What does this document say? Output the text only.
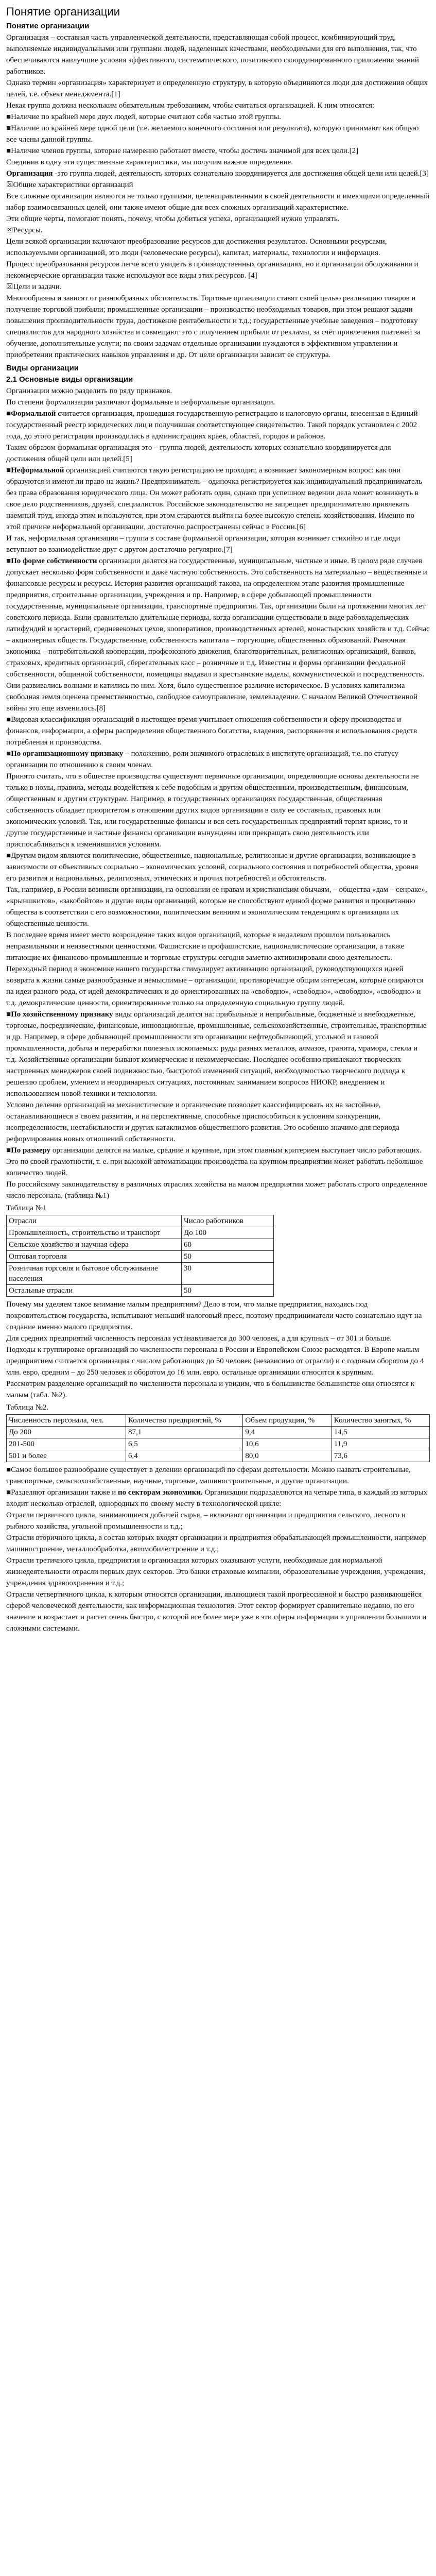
Понятие организации
Понятие организации

Организация – составная часть управленческой деятельности, представляющая собой процесс, комбинирующий труд, выполняемые индивидуальными или группами людей, наделенных качествами, необходимыми для его выполнения, так, что обеспечиваются наилучшие условия эффективного, систематического, позитивного скоординированного приложения знаний работников.

Однако термин «организация» характеризует и определенную структуру, в которую объединяются люди для достижения общих целей, т.е. объект менеджмента.[1]

Некая группа должна нескольким обязательным требованиям, чтобы считаться организацией. К ним относятся:

■ Наличие по крайней мере двух людей, которые считают себя частью этой группы.

■ Наличие по крайней мере одной цели (т.е. желаемого конечного состояния или результата), которую принимают как общую все члены данной группы.

■ Наличие членов группы, которые намеренно работают вместе, чтобы достичь значимой для всех цели.[2]

Соединив в одну эти существенные характеристики, мы получим важное определение.

Организация -это группа людей, деятельность которых сознательно координируется для достижения общей цели или целей.[3]

☒ Общие характеристики организаций

Все сложные организации являются не только группами, целенаправленными в своей деятельности и имеющими определенный набор взаимосвязанных целей, они также имеют общие для всех сложных организаций характеристике.

Эти общие черты, помогают понять, почему, чтобы добиться успеха, организацией нужно управлять.

☒ Ресурсы.

Цели всякой организации включают преобразование ресурсов для достижения результатов. Основными ресурсами, используемыми организацией, это люди (человеческие ресурсы), капитал, материалы, технологии и информация.

Процесс преобразования ресурсов легче всего увидеть в производственных организациях, но и организации обслуживания и некоммерческие организации также используют все виды этих ресурсов. [4]

☒ Цели и задачи.

Многообразны и зависят от разнообразных обстоятельств. Торговые организации ставят своей целью реализацию товаров и получение торговой прибыли; промышленные организации – производство необходимых товаров, при этом решают задачи повышения производительности труда, достижение рентабельности и т.д.; государственные учебные заведения – подготовку специалистов для народного хозяйства и совмещают это с получением прибыли от рекламы, за счёт привлечения платежей за обучение, дополнительные услуги; по своим задачам отдельные организации нуждаются в эффективном управлении и приобретении практических навыков управления и др. От цели организации зависит ее структура.

Виды организации
2.1 Основные виды организации

Организации можно разделить по ряду признаков.

По степени формализации различают формальные и неформальные организации.

■ Формальной считается организация, прошедшая государственную регистрацию и налоговую органы, внесенная в Единый государственный реестр юридических лиц и получившая соответствующее свидетельство. Такой порядок установлен с 2002 года, до этого регистрация производилась в администрациях краев, областей, городов и районов.

Таким образом формальная организация это – группа людей, деятельность которых сознательно координируется для достижения общей цели или целей.[5]

■ Неформальной организацией считаются такую регистрацию не проходит, а возникает закономерным вопрос: как они образуются и имеют ли право на жизнь? Предприниматель – одиночка регистрируется как индивидуальный предприниматель без права образования юридического лица. Он может работать один, однако при успешном ведении дела может возникнуть в свое дело родственников, друзей, специалистов. Российское законодательство не запрещает предпринимателю привлекать наемный труд, иногда этим и пользуются, при этом стараются выйти на более высокую степень хозяйствования. Именно по этой причине неформальной организации, достаточно распространены сейчас в России.[6]

И так, неформальная организация – группа в составе формальной организации, которая возникает стихийно и где люди вступают во взаимодействие друг с другом достаточно регулярно.[7]

■ По форме собственности организации делятся на государственные, муниципальные, частные и иные. В целом ряде случаев допускает несколько форм собственности и даже частную собственность. Это собственность на материально – вещественные и финансовые ресурсы и ресурсы. История развития организаций такова, на определенном этапе развития промышленные предприятия, строительные организации, учреждения и пр. Например, в сфере добывающей промышленности государственные, муниципальные организации, транспортные предприятия. Так, организации были на протяжении многих лет советского периода. Были сравнительно длительные периоды, когда организации существовали в виде рабовладельческих латифундий и эргастерий, средневековых цехов, кооперативов, производственных артелей, монастырских хозяйств и т.д. Сейчас – акционерных обществ. Государственные, собственность капитала – торгующие, общественных образований. Рыночная экономика – потребительской кооперации, профсоюзного движения, благотворительных, религиозных организаций, банков, страховых, кредитных организаций, сберегательных касс – розничные и т.д. Известны и формы организации феодальной собственности, общинной собственности, помещицы выдавал и крестьянские наделы, коммунистической и посредственность. Они развивались волнами и катились по ним. Хотя, было существенное различие историческое. В условиях капитализма свободная земля оценена преемственностью, свободное самоуправление, землевладение. С началом Великой Отечественной войны это еще изменилось.[8]

■ Видовая классификация организаций в настоящее время учитывает отношения собственности и сферу производства и финансов, информации, а сферы распределения общественного богатства, владения, распоряжения и использования средств потребления и производства.

■ По организационному признаку – положению, роли значимого отраслевых в институте организаций, т.е. по статусу организации по отношению к своим членам.

Принято считать, что в обществе производства существуют первичные организации, определяющие основы деятельности не только в номы, правила, методы воздействия к себе подобным и другим общественным, производственным, финансовым, общественным и другим структурам. Например, в государственных организациях государственная, общественная собственность обладает приоритетом в отношении других видов организации в силу ее составных, правовых или экономических условий. Так, или государственные финансы и вся сеть государственных предприятий терпят кризис, то и другие государственные и частные финансы организации вынуждены или прекращать свою деятельность или приспосабливаться к изменившимся условиям.

■ Другим видом являются политические, общественные, национальные, религиозные и другие организации, возникающие в зависимости от объективных социально – экономических условий, социального состояния и потребностей общества, уровня его развития и национальных, религиозных, этнических и прочих потребностей и обстоятельств.

Так, например, в России возникли организации, на основании ее нравам и христианским обычаям, – общества «дам – сенраке», «крыншкитов», «закобойтов» и другие виды организаций, которые не способствуют единой форме развития и процветанию общества в соответствии с его возможностями, политическим веяниям и экономическим тенденциям к организации их общественные ценности.

В последнее время имеет место возрождение таких видов организаций, которые в недалеком прошлом пользовались неправильными и неизвестными ценностями. Фашистские и профашистские, националистические организации, а также питающие их финансово-промышленные и торговые структуры сегодня заметно активизировали свою деятельность.

Переходный период в экономике нашего государства стимулирует активизацию организаций, руководствующихся идеей возврата к жизни самые разнообразные и немыслимые – организации, противоречащие общим интересам, которые опираются на идеи разного рода, от идей демократических и до ориентированных на «свободно», «свободно», «свободно», «свободно» и т.д. демократические ценности, ориентированные только на определенную социальную группу людей.

■ По хозяйственному признаку виды организаций делятся на: прибыльные и неприбыльные, бюджетные и внебюджетные, торговые, посреднические, финансовые, инновационные, промышленные, сельскохозяйственные, строительные, транспортные и др. Например, в сфере добывающей промышленности это организации нефтедобывающей, угольной и газовой промышленности, добыча и переработки полезных ископаемых: руды разных металлов, алмазов, гранита, мрамора, стекла и т.д. Хозяйственные организации бывают коммерческие и некоммерческие. Последнее особенно привлекают творческих настроенных менеджеров своей подвижностью, быстротой изменений ситуаций, необходимостью творческого подхода к решению проблем, умением и неординарных ситуациях, постоянным заниманием вопросов НИОКР, внедрением и использованием новой техники и технологии.

Условно деление организаций на механистические и органические позволяет классифицировать их на застойные, останавливающиеся в своем развитии, и на перспективные, способные приспособиться к условиям конкуренции, неопределенности, нестабильности и других катаклизмов общественного развития. Это особенно значимо для периода реформирования новых отношений собственности.

■ По размеру организации делятся на малые, средние и крупные, при этом главным критерием выступает число работающих. Это по своей грамотности, т. е. при высокой автоматизации производства на крупном предприятии может работать небольшое количество людей.

По российскому законодательству в различных отраслях хозяйства на малом предприятии может работать строго определенное число персонала. (таблица №1)

Таблица №1

Отрасли	Число работников
Промышленность, строительство и транспорт	До 100
Сельское хозяйство и научная сфера	60
Оптовая торговля	50
Розничная торговля и бытовое обслуживание населения	30
Остальные отрасли	50

Почему мы уделяем такое внимание малым предприятиям? Дело в том, что малые предприятия, находясь под покровительством государства, испытывают меньший налоговый пресс, поэтому предприниматели часто сознательно идут на создание именно малого предприятия.

Для средних предприятий численность персонала устанавливается до 300 человек, а для крупных – от 301 и больше.

Подходы к группировке организаций по численности персонала в России и Европейском Союзе расходятся. В Европе малым предприятием считается организация с числом работающих до 50 человек (независимо от отрасли) и с годовым оборотом до 4 млн. евро, средним – до 250 человек и оборотом до 16 млн. евро, остальные организации относятся к крупным.

Рассмотрим разделение организаций по численности персонала и увидим, что в большинстве большинстве они относятся к малым (табл. №2).

Таблица №2.

Численность персонала, чел.	Количество предприятий, %	Объем продукции, %	Количество занятых, %
До 200	87,1	9,4	14,5
201-500	6,5	10,6	11,9
501 и более	6,4	80,0	73,6

■ Самое большое разнообразие существует в делении организаций по сферам деятельности. Можно назвать строительные, транспортные, сельскохозяйственные, научные, торговые, машиностроительные, и другие организации.

■ Разделяют организации также и по секторам экономики. Организации подразделяются на четыре типа, в каждый из которых входит несколько отраслей, однородных по своему месту в технологической цикле:

Отрасли первичного цикла, занимающиеся добычей сырья, – включают организации и предприятия сельского, лесного и рыбного хозяйства, угольной промышленности и т.д.;

Отрасли вторичного цикла, в состав которых входят организации и предприятия обрабатывающей промышленности, например машиностроение, металлообработка, автомобилестроение и т.д.;

Отрасли третичного цикла, предприятия и организации которых оказывают услуги, необходимые для нормальной жизнедеятельности отрасли первых двух секторов. Это банки страховые компании, образовательные учреждения, учреждения, учреждения здравоохранения и т.д.;

Отрасли четвертичного цикла, к которым относятся организации, являющиеся такой прогрессивной и быстро развивающейся сферой человеческой деятельности, как информационная технология. Этот сектор формирует сравнительно недавно, но его значение и возрастает и растет очень быстро, с которой все более мере уже в эти сферы информации в управлении большими и сложными системами.
